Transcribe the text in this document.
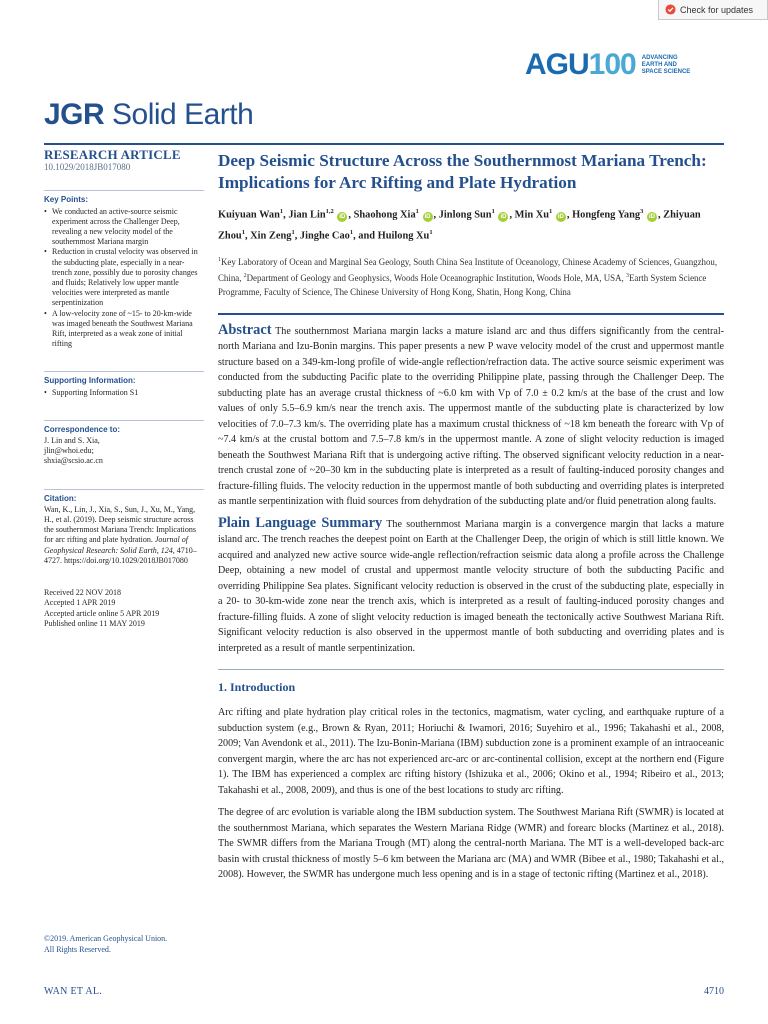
Check for updates
AGU100 ADVANCING
EARTH AND
SPACE SCIENCE
JGR Solid Earth
RESEARCH ARTICLE
10.1029/2018JB017080
Key Points:
• We conducted an active-source seismic experiment across the Challenger Deep, revealing a new velocity model of the southernmost Mariana margin
• Reduction in crustal velocity was observed in the subducting plate, especially in a near-trench zone, possibly due to porosity changes and fluids; Relatively low upper mantle velocities were interpreted as mantle serpentinization
• A low-velocity zone of ~15- to 20-km-wide was imaged beneath the Southwest Mariana Rift, interpreted as a weak zone of initial rifting
Supporting Information:
• Supporting Information S1
Correspondence to:

J. Lin and S. Xia,

jlin@whoi.edu;

shxia@scsio.ac.cn

Citation:

Wan, K., Lin, J., Xia, S., Sun, J., Xu, M., Yang, H., et al. (2019). Deep seismic structure across the southernmost Mariana Trench: Implications for arc rifting and plate hydration. Journal of Geophysical Research: Solid Earth, 124, 4710–4727. https://doi.org/10.1029/2018JB017080

Received 22 NOV 2018
Accepted 1 APR 2019
Accepted article online 5 APR 2019
Published online 11 MAY 2019
©2019. American Geophysical Union.
All Rights Reserved.
Deep Seismic Structure Across the Southernmost Mariana Trench: Implications for Arc Rifting and Plate Hydration
Kuiyuan Wan$^1$, Jian Lin$^{1,2}$ iD , Shaohong Xia$^1$ iD , Jinlong Sun$^1$ iD , Min Xu$^1$ iD , Hongfeng Yang$^3$ iD , Zhiyuan Zhou$^1$, Xin Zeng$^1$, Jinghe Cao$^1$, and Huilong Xu$^1$
$^1$Key Laboratory of Ocean and Marginal Sea Geology, South China Sea Institute of Oceanology, Chinese Academy of Sciences, Guangzhou, China, $^2$Department of Geology and Geophysics, Woods Hole Oceanographic Institution, Woods Hole, MA, USA, $^3$Earth System Science Programme, Faculty of Science, The Chinese University of Hong Kong, Shatin, Hong Kong, China

Abstract The southernmost Mariana margin lacks a mature island arc and thus differs significantly from the central-north Mariana and Izu-Bonin margins. This paper presents a new P wave velocity model of the crust and uppermost mantle structure based on a 349-km-long profile of wide-angle reflection/refraction data. The active source seismic experiment was conducted from the subducting Pacific plate to the overriding Philippine plate, passing through the Challenger Deep. The subducting plate has an average crustal thickness of ~6.0 km with Vp of 7.0 ± 0.2 km/s at the base of the crust and low values of only 5.5–6.9 km/s near the trench axis. The uppermost mantle of the subducting plate is characterized by low velocities of 7.0–7.3 km/s. The overriding plate has a maximum crustal thickness of ~18 km beneath the forearc with Vp of ~7.4 km/s at the crustal bottom and 7.5–7.8 km/s in the uppermost mantle. A zone of slight velocity reduction is imaged beneath the Southwest Mariana Rift that is undergoing active rifting. The observed significant velocity reduction in a near-trench crustal zone of ~20–30 km in the subducting plate is interpreted as a result of faulting-induced porosity changes and fracture-filling fluids. The velocity reduction in the uppermost mantle of both subducting and overriding plates is interpreted as mantle serpentinization with fluid sources from dehydration of the subducting plate and/or fluid penetration along faults.

Plain Language Summary The southernmost Mariana margin is a convergence margin that lacks a mature island arc. The trench reaches the deepest point on Earth at the Challenger Deep, the origin of which is still little known. We acquired and analyzed new active source wide-angle reflection/refraction seismic data along a profile across the Challenge Deep, obtaining a new model of crustal and uppermost mantle velocity structure of both the subducting Pacific and overriding Philippine Sea plates. Significant velocity reduction is observed in the crust of the subducting plate, especially in a 20- to 30-km-wide zone near the trench axis, which is interpreted as a result of faulting-induced porosity changes and fracture-filling fluids. A zone of slight velocity reduction is imaged beneath the tectonically active Southwest Mariana Rift. Significant velocity reduction is also observed in the uppermost mantle of both subducting and overriding plates and is interpreted as a result of mantle serpentinization.

1. Introduction

Arc rifting and plate hydration play critical roles in the tectonics, magmatism, water cycling, and earthquake rupture of a subduction system (e.g., Brown & Ryan, 2011; Horiuchi & Iwamori, 2016; Suyehiro et al., 1996; Takahashi et al., 2008, 2009; Van Avendonk et al., 2011). The Izu-Bonin-Mariana (IBM) subduction zone is a prominent example of an intraoceanic convergent margin, where the arc has not experienced arc-arc or arc-continental collision, except at the northern end (Figure 1). The IBM has experienced a complex arc rifting history (Ishizuka et al., 2006; Okino et al., 1994; Ribeiro et al., 2013; Takahashi et al., 2008, 2009), and thus is one of the best locations to study arc rifting.

The degree of arc evolution is variable along the IBM subduction system. The Southwest Mariana Rift (SWMR) is located at the southernmost Mariana, which separates the Western Mariana Ridge (WMR) and forearc blocks (Martinez et al., 2018). The SWMR differs from the Mariana Trough (MT) along the central-north Mariana. The MT is a well-developed back-arc basin with crustal thickness of mostly 5–6 km between the Mariana arc (MA) and WMR (Bibee et al., 1980; Takahashi et al., 2008). However, the SWMR has undergone much less opening and is in a stage of tectonic rifting (Martinez et al., 2018).

WAN ET AL.	4710
